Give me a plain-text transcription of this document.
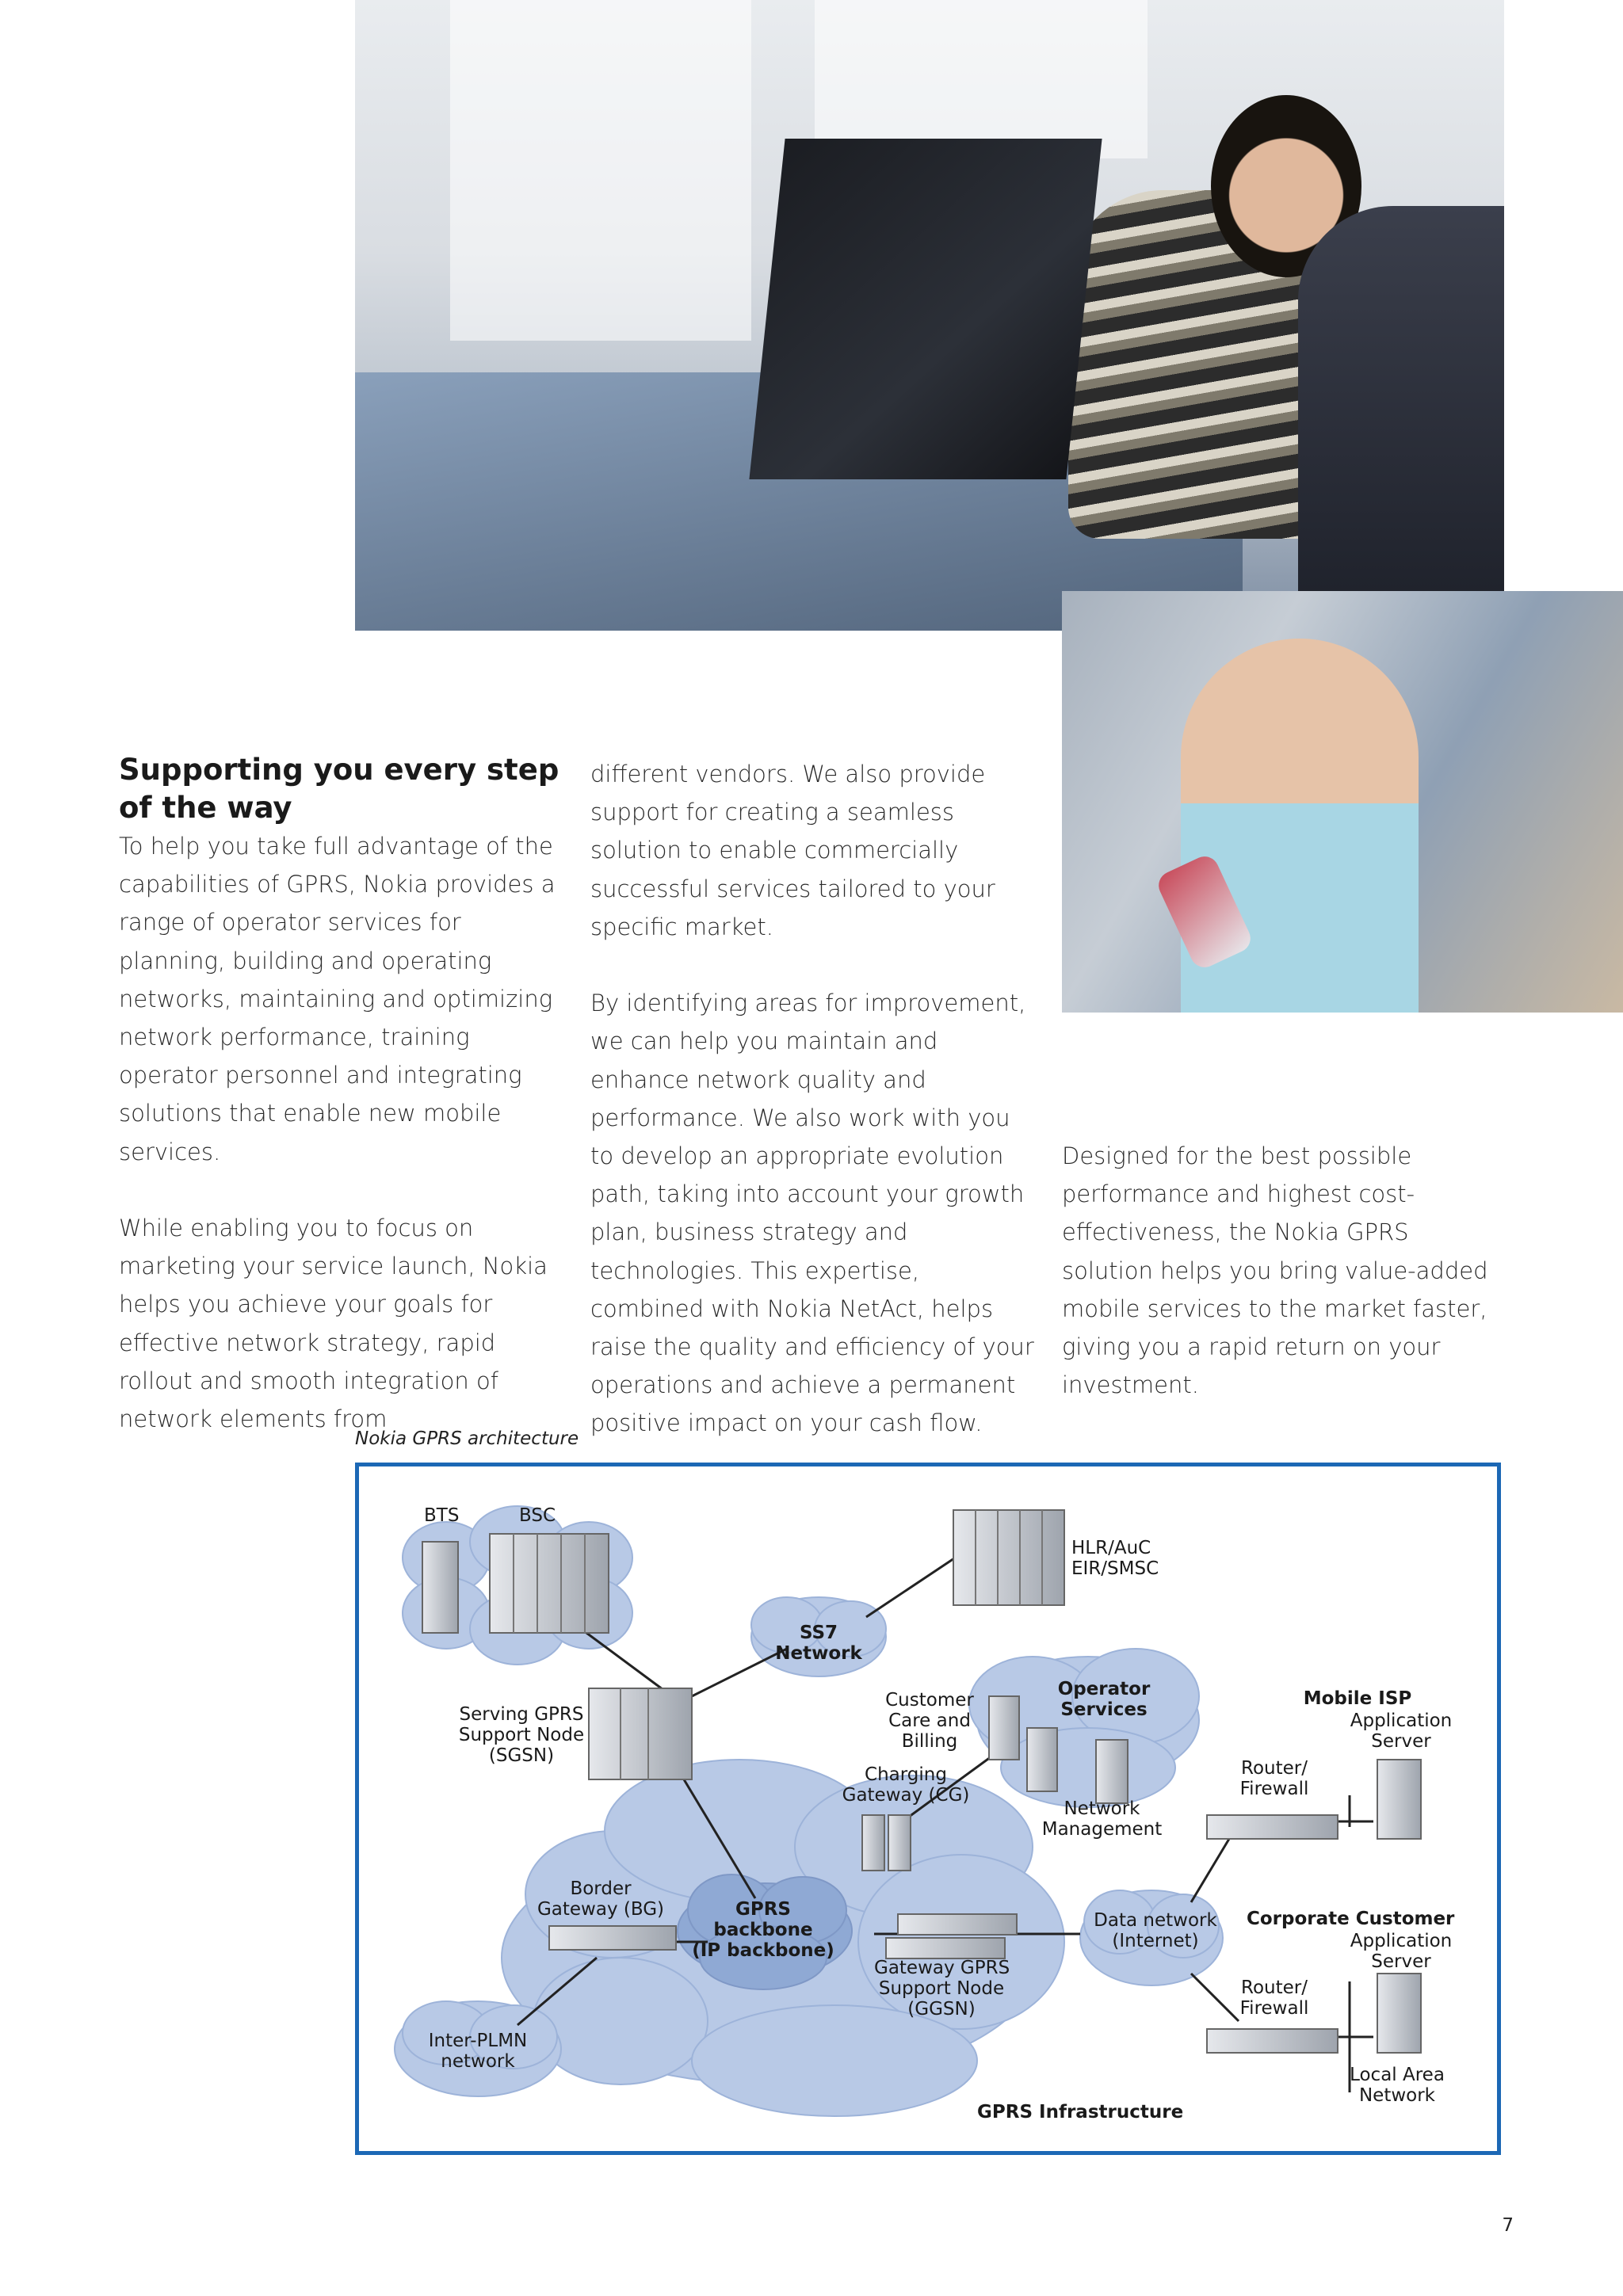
Supporting you every step of the way

To help you take full advantage of the capabilities of GPRS, Nokia provides a range of operator services for planning, building and operating networks, maintaining and optimizing network performance, training operator personnel and integrating solutions that enable new mobile services.

While enabling you to focus on marketing your service launch, Nokia helps you achieve your goals for effective network strategy, rapid rollout and smooth integration of network elements from

different vendors. We also provide support for creating a seamless solution to enable commercially successful services tailored to your specific market.

By identifying areas for improvement, we can help you maintain and enhance network quality and performance. We also work with you to develop an appropriate evolution path, taking into account your growth plan, business strategy and technologies. This expertise, combined with Nokia NetAct, helps raise the quality and efficiency of your operations and achieve a permanent positive impact on your cash flow.

Designed for the best possible performance and highest cost-effectiveness, the Nokia GPRS solution helps you bring value-added mobile services to the market faster, giving you a rapid return on your investment.

Nokia GPRS architecture
BTS	BSC
HLR/AuC
EIR/SMSC
SS7
Network
Serving GPRS
Support Node
(SGSN)
Customer
Care and
Billing
Operator
Services
Charging
Gateway (CG)
Network
Management
Mobile ISP
Application
Server
Router/
Firewall
Border
Gateway (BG)	GPRS
backbone
(IP backbone)
Gateway GPRS
Support Node
(GGSN)
Data network
(Internet)
Corporate Customer
Application
Server
Router/
Firewall
Inter-PLMN
network
Local Area
Network
GPRS Infrastructure
7
